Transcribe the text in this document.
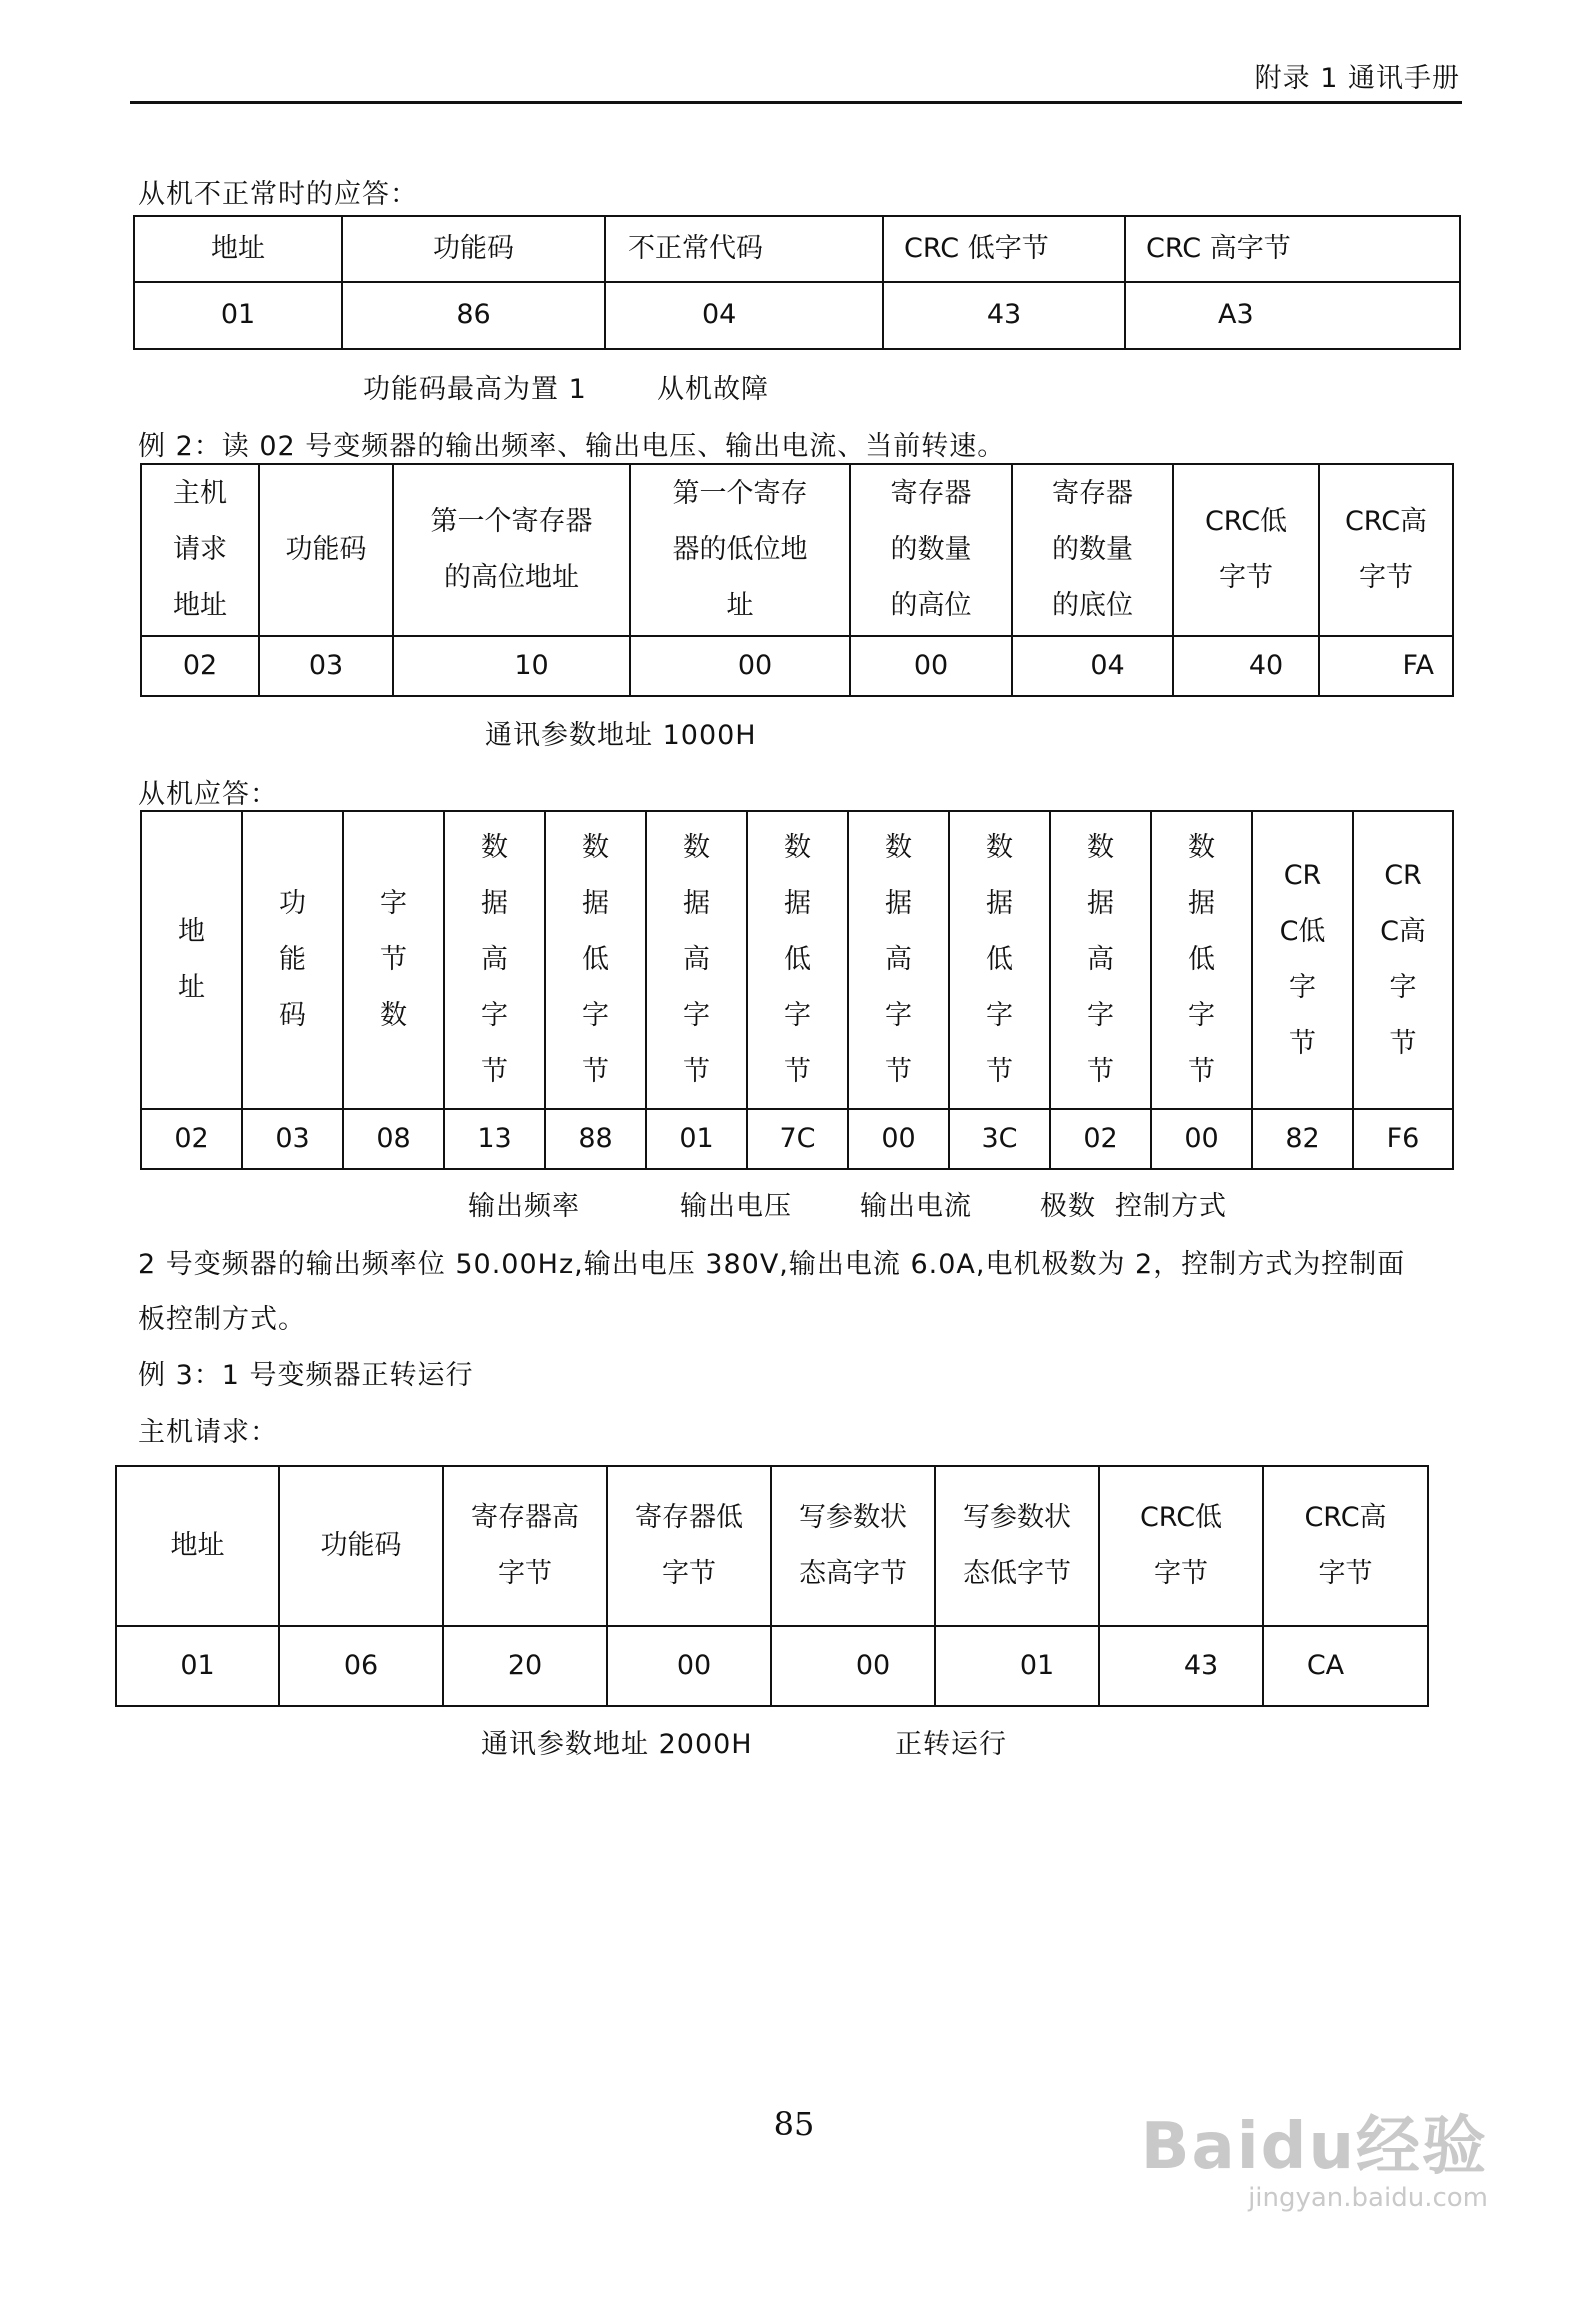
附录 1 通讯手册
从机不正常时的应答：
地址	功能码	不正常代码	CRC 低字节	CRC 高字节
01	86	04	43	A3
功能码最高为置 1	从机故障
例 2：读 02 号变频器的输出频率、输出电压、输出电流、当前转速。
主机请求地址	功能码	第一个寄存器的高位地址	第一个寄存器的低位地址	寄存器的数量的高位	寄存器的数量的底位	CRC低字节	CRC高字节

02	03	10	00	00	04	40	FA
通讯参数地址 1000H
从机应答：
地址	功能码	字节数	数据高字节	数据低字节	数据高字节	数据低字节	数据高字节	数据低字节	数据高字节	数据低字节	CRC低字节	CRC高字节

02	03	08	13	88	01	7C	00	3C	02	00	82	F6
输出频率	输出电压	输出电流	极数 控制方式
2 号变频器的输出频率位 50.00Hz,输出电压 380V,输出电流 6.0A,电机极数为 2，控制方式为控制面
板控制方式。
例 3：1 号变频器正转运行
主机请求：
地址	功能码	寄存器高字节	寄存器低字节	写参数状态高字节	写参数状态低字节	CRC低字节	CRC高字节

01	06	20	00	00	01	43	CA
通讯参数地址 2000H	正转运行
85	Baidu经验
jingyan.baidu.com
